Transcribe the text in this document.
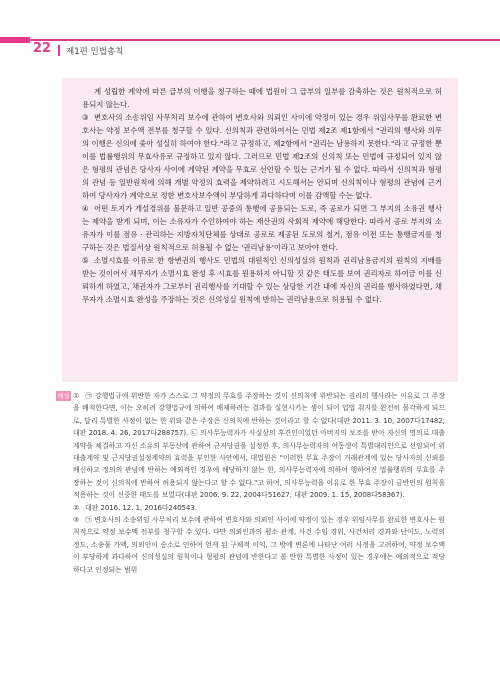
22 제1편 민법총칙

계 성립한 계약에 따른 급부의 이행을 청구하는 때에 법원이 그 급부의 일부를 감축하는 것은 원칙적으로 허용되지 않는다.

③ 변호사의 소송위임 사무처리 보수에 관하여 변호사와 의뢰인 사이에 약정이 있는 경우 위임사무를 완료한 변호사는 약정 보수액 전부를 청구할 수 있다. 신의칙과 관련하여서는 민법 제2조 제1항에서 "권리의 행사와 의무의 이행은 신의에 좇아 성실히 하여야 한다."라고 규정하고, 제2항에서 "권리는 남용하지 못한다."라고 규정한 뿐 이를 법률행위의 무효사유로 규정하고 있지 않다. 그러므로 민법 제2조의 신의칙 또는 민법에 규정되어 있지 않은 형평의 관념은 당사자 사이에 계약된 계약을 무효로 선언할 수 있는 근거가 될 수 없다. 따라서 신의칙과 형평의 관념 등 일반원칙에 의해 개별 약정의 효력을 제약하려고 시도해서는 안되며 신의칙이나 형평의 관념에 근거하여 당사자가 계약으로 정한 변호사보수액이 부당하게 과다하다며 이를 감액할 수는 없다.

④ 어떤 토지가 개설경위를 불문하고 일반 공중의 통행에 공용되는 도로, 즉 공로가 되면 그 부지의 소유권 행사는 제약을 받게 되며, 이는 소유자가 수인하여야 하는 재산권의 사회적 제약에 해당한다. 따라서 공로 부지의 소유자가 이를 점유 · 관리하는 지방자치단체를 상대로 공로로 제공된 도로의 철거, 점유 이전 또는 통행금지를 청구하는 것은 법질서상 원칙적으로 허용될 수 없는 '권리남용'이라고 보아야 한다.

⑤ 소멸시효를 이유로 한 항변권의 행사도 민법의 대원칙인 신의성실의 원칙과 권리남용금지의 원칙의 지배를 받는 것이어서 채무자가 소멸시효 완성 후 시효를 원용하지 아니할 것 같은 태도를 보여 권리자로 하여금 이를 신뢰하게 하였고, 채권자가 그로부터 권리행사를 기대할 수 있는 상당한 기간 내에 자신의 권리를 행사하였다면, 채무자가 소멸시효 완성을 주장하는 것은 신의성실 원칙에 반하는 권리남용으로 허용될 수 없다.

해설 ① ㉠ 강행법규에 위반한 자가 스스로 그 약정의 무효를 주장하는 것이 신의칙에 위반되는 권리의 행사라는 이유로 그 주장을 배척한다면, 이는 오히려 강행법규에 의하여 배제하려는 결과를 실현시키는 셈이 되어 입법 취지를 완전히 몰각하게 되므로, 달리 특별한 사정이 없는 한 위와 같은 주장은 신의칙에 반하는 것이라고 할 수 없다(대판 2011. 3. 10, 2007다17482; 대판 2018. 4. 26, 2017다288757). ㉡ 의사무능력자가 사실상의 후견인이었던 아버지의 보조를 받아 자신의 명의로 대출계약을 체결하고 자신 소유의 부동산에 관하여 근저당권을 설정한 후, 의사무능력자의 여동생이 특별대리인으로 선임되어 위 대출계약 및 근저당권설정계약의 효력을 부인한 사안에서, 대법원은 "이러한 무효 주장이 거래관계에 있는 당사자의 신뢰를 배신하고 정의의 관념에 반하는 예외적인 경우에 해당하지 않는 한, 의사무능력자에 의하여 행하여진 법률행위의 무효를 주장하는 것이 신의칙에 반하여 허용되지 않는다고 할 수 없다."고 하여, 의사무능력을 이유로 한 무효 주장이 금반언의 원칙을 적용하는 것이 신중한 태도를 보였다(대판 2006. 9. 22, 2004다51627; 대판 2009. 1. 15, 2008다58367).

② 대판 2016. 12. 1, 2016다240543.

③ ㉠ 변호사의 소송위임 사무처리 보수에 관하여 변호사와 의뢰인 사이에 약정이 있는 경우 위임사무를 완료한 변호사는 원칙적으로 약정 보수액 전부를 청구할 수 있다. 다만 의뢰인과의 평소 관계, 사건 수임 경위, 사건처리 경과와 난이도, 노력의 정도, 소송물 가액, 의뢰인이 승소로 인하여 얻게 된 구체적 이익, 그 밖에 변론에 나타난 여러 사정을 고려하여, 약정 보수액이 부당하게 과다하여 신의성실의 원칙이나 형평의 관념에 반한다고 볼 만한 특별한 사정이 있는 경우에는 예외적으로 적당하다고 인정되는 범위
